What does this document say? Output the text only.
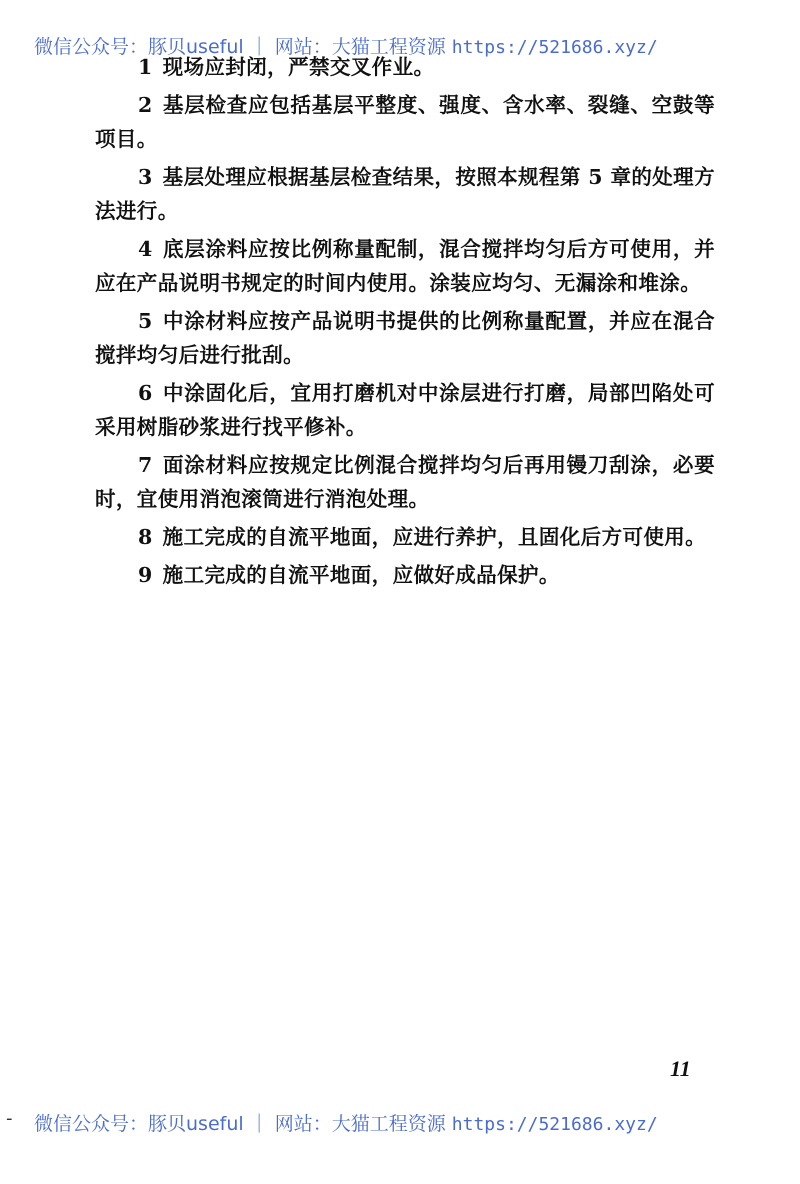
微信公众号：豚贝useful ｜ 网站：大猫工程资源 https://521686.xyz/

1 现场应封闭，严禁交叉作业。

2 基层检查应包括基层平整度、强度、含水率、裂缝、空鼓等项目。

3 基层处理应根据基层检查结果，按照本规程第 5 章的处理方法进行。

4 底层涂料应按比例称量配制，混合搅拌均匀后方可使用，并应在产品说明书规定的时间内使用。涂装应均匀、无漏涂和堆涂。

5 中涂材料应按产品说明书提供的比例称量配置，并应在混合搅拌均匀后进行批刮。

6 中涂固化后，宜用打磨机对中涂层进行打磨，局部凹陷处可采用树脂砂浆进行找平修补。

7 面涂材料应按规定比例混合搅拌均匀后再用镘刀刮涂，必要时，宜使用消泡滚筒进行消泡处理。

8 施工完成的自流平地面，应进行养护，且固化后方可使用。

9 施工完成的自流平地面，应做好成品保护。

11
- 微信公众号：豚贝useful ｜ 网站：大猫工程资源 https://521686.xyz/
